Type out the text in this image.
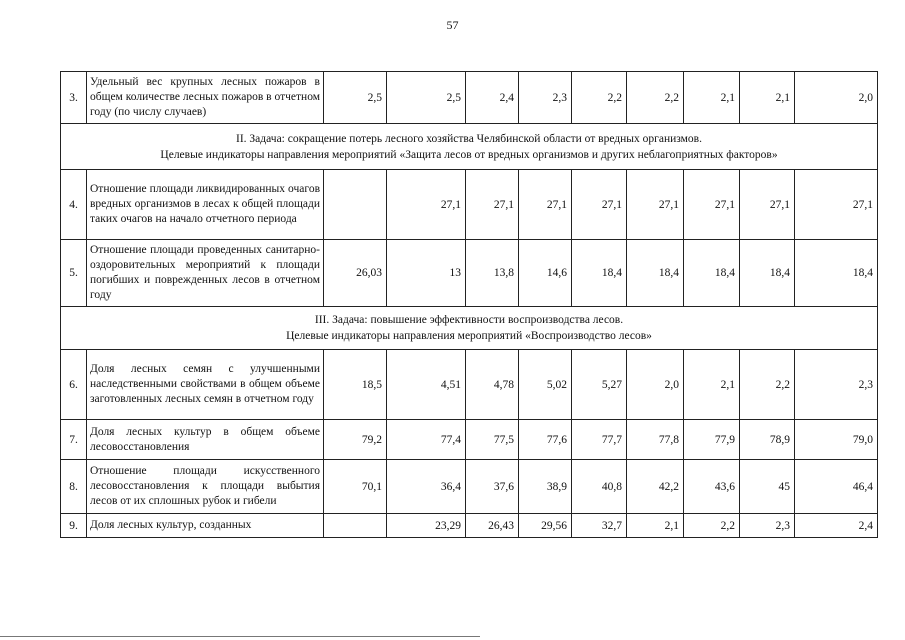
57
3.	Удельный вес крупных лесных пожаров в общем количестве лесных пожаров в отчетном году (по числу случаев)	2,5	2,5	2,4	2,3	2,2	2,2	2,1	2,1	2,0

II. Задача: сокращение потерь лесного хозяйства Челябинской области от вредных организмов.
Целевые индикаторы направления мероприятий «Защита лесов от вредных организмов и других неблагоприятных факторов»										

4.	Отношение площади ликвидированных очагов вредных организмов в лесах к общей площади таких очагов на начало отчетного периода		27,1	27,1	27,1	27,1	27,1	27,1	27,1	27,1
5.	Отношение площади проведенных санитарно-оздоровительных мероприятий к площади погибших и поврежденных лесов в отчетном году	26,03	13	13,8	14,6	18,4	18,4	18,4	18,4	18,4

III. Задача: повышение эффективности воспроизводства лесов.
Целевые индикаторы направления мероприятий «Воспроизводство лесов»										

6.	Доля лесных семян с улучшенными наследственными свойствами в общем объеме заготовленных лесных семян в отчетном году	18,5	4,51	4,78	5,02	5,27	2,0	2,1	2,2	2,3
7.	Доля лесных культур в общем объеме лесовосстановления	79,2	77,4	77,5	77,6	77,7	77,8	77,9	78,9	79,0
8.	Отношение площади искусственного лесовосстановления к площади выбытия лесов от их сплошных рубок и гибели	70,1	36,4	37,6	38,9	40,8	42,2	43,6	45	46,4
9.	Доля лесных культур, созданных		23,29	26,43	29,56	32,7	2,1	2,2	2,3	2,4
